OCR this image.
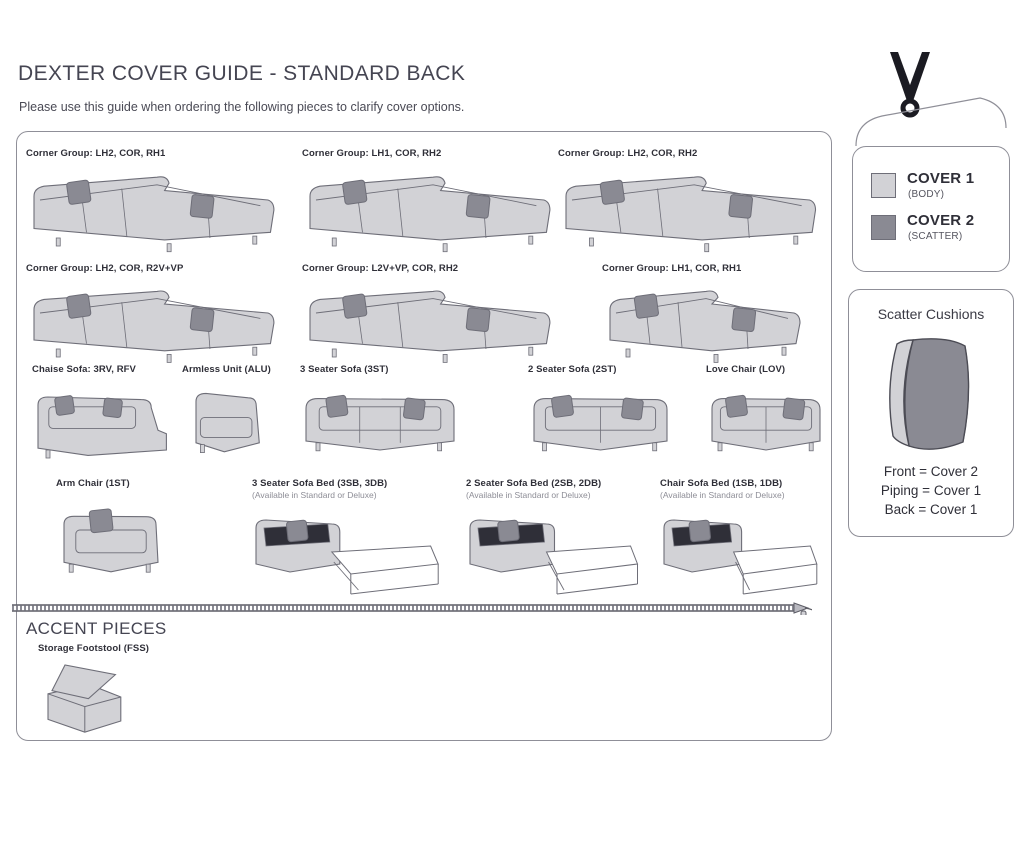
DEXTER COVER GUIDE - STANDARD BACK
Please use this guide when ordering the following pieces to clarify cover options.
Corner Group: LH2, COR, RH1	Corner Group: LH1, COR, RH2	Corner Group: LH2, COR, RH2
Corner Group: LH2, COR, R2V+VP	Corner Group: L2V+VP, COR, RH2	Corner Group: LH1, COR, RH1
Chaise Sofa: 3RV, RFV	Armless Unit (ALU)	3 Seater Sofa (3ST)	2 Seater Sofa (2ST)	Love Chair (LOV)
Arm Chair (1ST)	3 Seater Sofa Bed (3SB, 3DB)
(Available in Standard or Deluxe)
2 Seater Sofa Bed (2SB, 2DB)
(Available in Standard or Deluxe)
Chair Sofa Bed (1SB, 1DB)
(Available in Standard or Deluxe)
ACCENT PIECES
Storage Footstool (FSS)
COVER 1
(BODY)
COVER 2
(SCATTER)
Scatter Cushions
Front = Cover 2
Piping = Cover 1
Back = Cover 1
